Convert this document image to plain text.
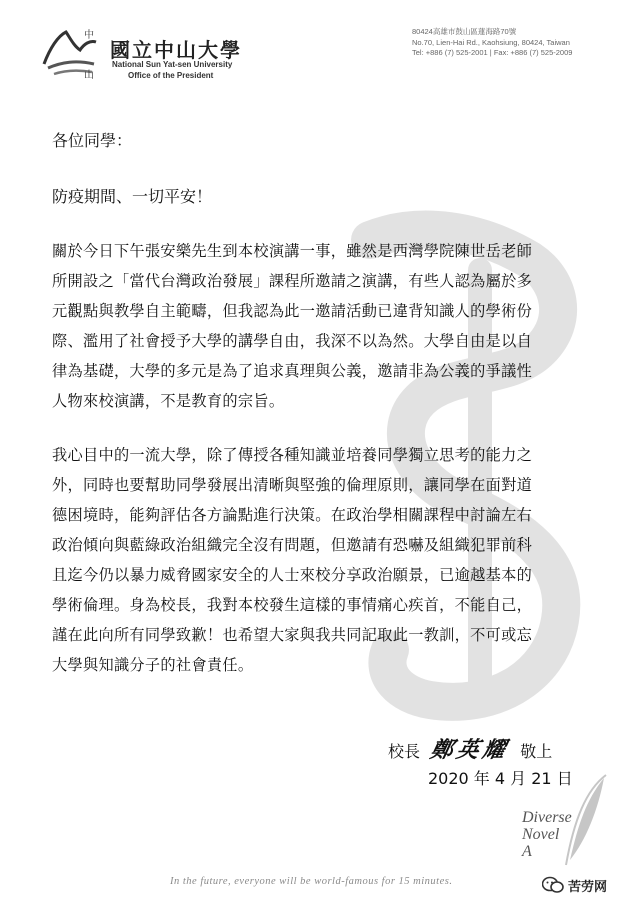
中
山
國立中山大學
National Sun Yat-sen University
Office of the President
80424高雄市鼓山區蓮海路70號
No.70, Lien-Hai Rd., Kaohsiung, 80424, Taiwan
Tel: +886 (7) 525-2001 | Fax: +886 (7) 525-2009
各位同學：
防疫期間、一切平安！
關於今日下午張安樂先生到本校演講一事，雖然是西灣學院陳世岳老師
所開設之「當代台灣政治發展」課程所邀請之演講，有些人認為屬於多
元觀點與教學自主範疇，但我認為此一邀請活動已違背知識人的學術份
際、濫用了社會授予大學的講學自由，我深不以為然。大學自由是以自
律為基礎，大學的多元是為了追求真理與公義，邀請非為公義的爭議性
人物來校演講，不是教育的宗旨。
我心目中的一流大學，除了傳授各種知識並培養同學獨立思考的能力之
外，同時也要幫助同學發展出清晰與堅強的倫理原則，讓同學在面對道
德困境時，能夠評估各方論點進行決策。在政治學相關課程中討論左右
政治傾向與藍綠政治組織完全沒有問題，但邀請有恐嚇及組織犯罪前科
且迄今仍以暴力威脅國家安全的人士來校分享政治願景，已逾越基本的
學術倫理。身為校長，我對本校發生這樣的事情痛心疾首，不能自己，
謹在此向所有同學致歉！也希望大家與我共同記取此一教訓，不可或忘
大學與知識分子的社會責任。
校長 鄭英耀 敬上
2020 年 4 月 21 日
Diverse
Novel
A
In the future, everyone will be world-famous for 15 minutes.	苦劳网
